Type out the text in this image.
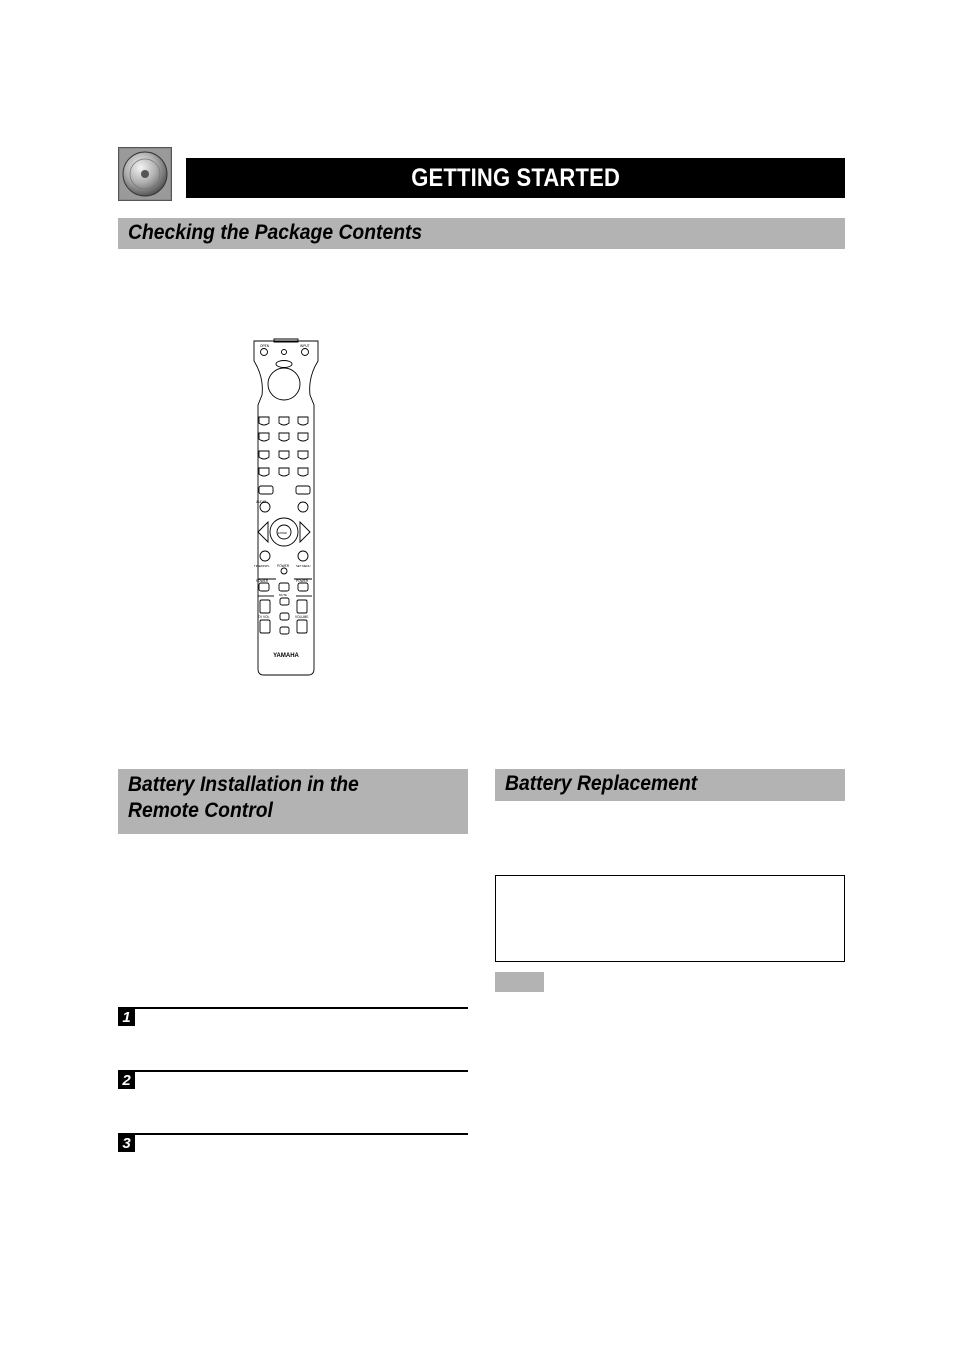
GETTING STARTED
Checking the Package Contents
OPEN	INPUT
AUDIO
ENTER
POWER
TIME/DISPL	SET MENU
POWER	POWER
TV VOL	VOLUME
MUTE
YAMAHA
Battery Installation in the Remote Control
Battery Replacement
1
2
3
